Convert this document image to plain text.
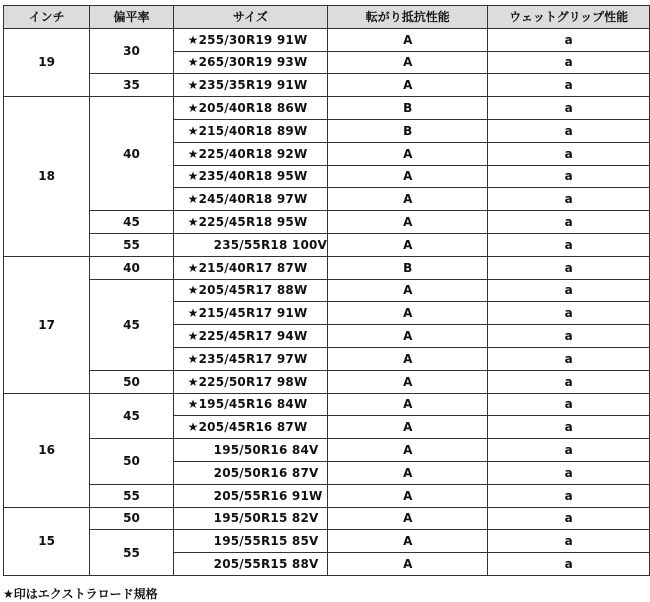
インチ	偏平率	サイズ	転がり抵抗性能	ウェットグリップ性能
19	30	★255/30R19 91W	A	a
		★265/30R19 93W	A	a
	35	★235/35R19 91W	A	a
18	40	★205/40R18 86W	B	a
		★215/40R18 89W	B	a
		★225/40R18 92W	A	a
		★235/40R18 95W	A	a
		★245/40R18 97W	A	a
	45	★225/45R18 95W	A	a
	55	235/55R18 100V	A	a
17	40	★215/40R17 87W	B	a
	45	★205/45R17 88W	A	a
		★215/45R17 91W	A	a
		★225/45R17 94W	A	a
		★235/45R17 97W	A	a
	50	★225/50R17 98W	A	a
16	45	★195/45R16 84W	A	a
		★205/45R16 87W	A	a
	50	195/50R16 84V	A	a
		205/50R16 87V	A	a
	55	205/55R16 91W	A	a
15	50	195/50R15 82V	A	a
	55	195/55R15 85V	A	a
		205/55R15 88V	A	a
★印はエクストラロード規格
